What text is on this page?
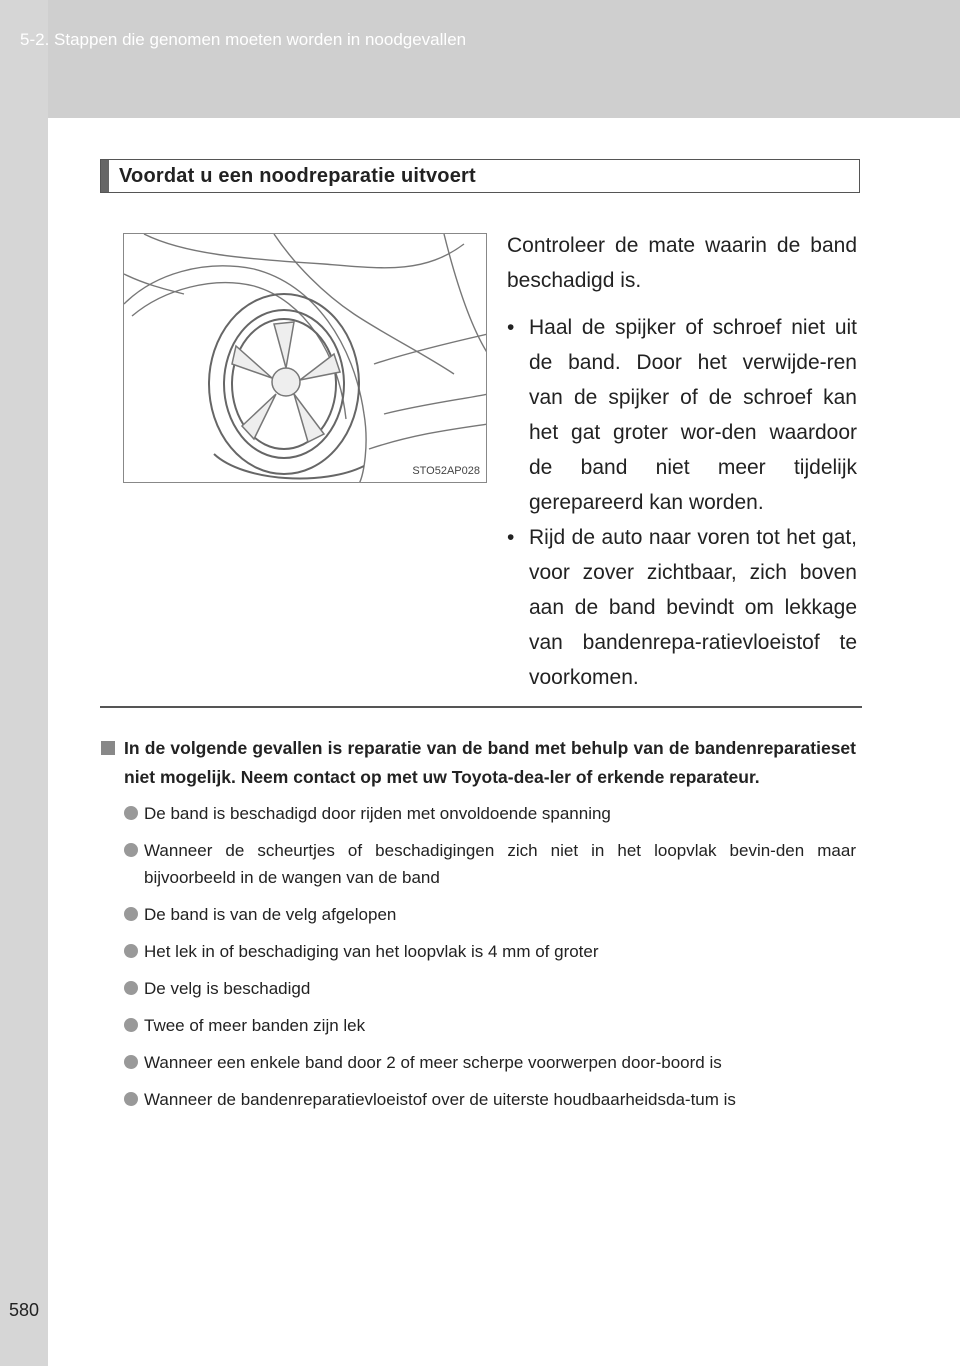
5-2. Stappen die genomen moeten worden in noodgevallen
580
Voordat u een noodreparatie uitvoert
STO52AP028

Controleer de mate waarin de band beschadigd is.

• Haal de spijker of schroef niet uit de band. Door het verwijde-ren van de spijker of de schroef kan het gat groter wor-den waardoor de band niet meer tijdelijk gerepareerd kan worden.
• Rijd de auto naar voren tot het gat, voor zover zichtbaar, zich boven aan de band bevindt om lekkage van bandenrepa-ratievloeistof te voorkomen.
In de volgende gevallen is reparatie van de band met behulp van de bandenreparatieset niet mogelijk. Neem contact op met uw Toyota-dea-ler of erkende reparateur.
De band is beschadigd door rijden met onvoldoende spanning
Wanneer de scheurtjes of beschadigingen zich niet in het loopvlak bevin-den maar bijvoorbeeld in de wangen van de band
De band is van de velg afgelopen
Het lek in of beschadiging van het loopvlak is 4 mm of groter
De velg is beschadigd
Twee of meer banden zijn lek
Wanneer een enkele band door 2 of meer scherpe voorwerpen door-boord is
Wanneer de bandenreparatievloeistof over de uiterste houdbaarheidsda-tum is
